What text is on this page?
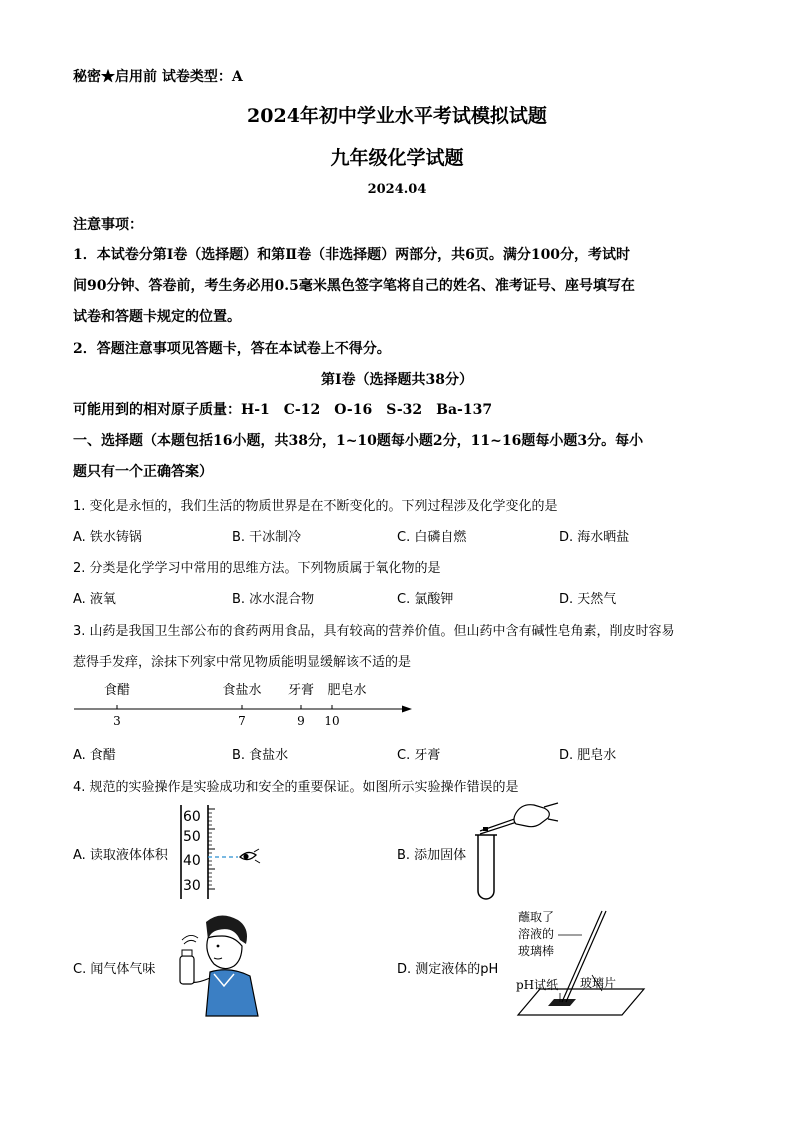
秘密★启用前 试卷类型：A
2024年初中学业水平考试模拟试题
九年级化学试题
2024.04
注意事项：
1．本试卷分第Ⅰ卷（选择题）和第Ⅱ卷（非选择题）两部分，共6页。满分100分，考试时
间90分钟、答卷前，考生务必用0.5毫米黑色签字笔将自己的姓名、准考证号、座号填写在
试卷和答题卡规定的位置。
2．答题注意事项见答题卡，答在本试卷上不得分。
第Ⅰ卷（选择题共38分）
可能用到的相对原子质量：H-1　C-12　O-16　S-32　Ba-137
一、选择题（本题包括16小题，共38分，1~10题每小题2分，11~16题每小题3分。每小
题只有一个正确答案）
1. 变化是永恒的，我们生活的物质世界是在不断变化的。下列过程涉及化学变化的是
A. 铁水铸锅	B. 干冰制冷	C. 白磷自燃	D. 海水晒盐
2. 分类是化学学习中常用的思维方法。下列物质属于氧化物的是
A. 液氧	B. 冰水混合物	C. 氯酸钾	D. 天然气
3. 山药是我国卫生部公布的食药两用食品，具有较高的营养价值。但山药中含有碱性皂角素，削皮时容易
惹得手发痒，涂抹下列家中常见物质能明显缓解该不适的是
食醋	食盐水 牙膏 肥皂水
3	7	9 10
A. 食醋	B. 食盐水	C. 牙膏	D. 肥皂水
4. 规范的实验操作是实验成功和安全的重要保证。如图所示实验操作错误的是
A. 读取液体体积
60
50
40
30
B. 添加固体
C. 闻气体气味	D. 测定液体的pH
蘸取了
溶液的
玻璃棒
pH试纸 玻璃片
